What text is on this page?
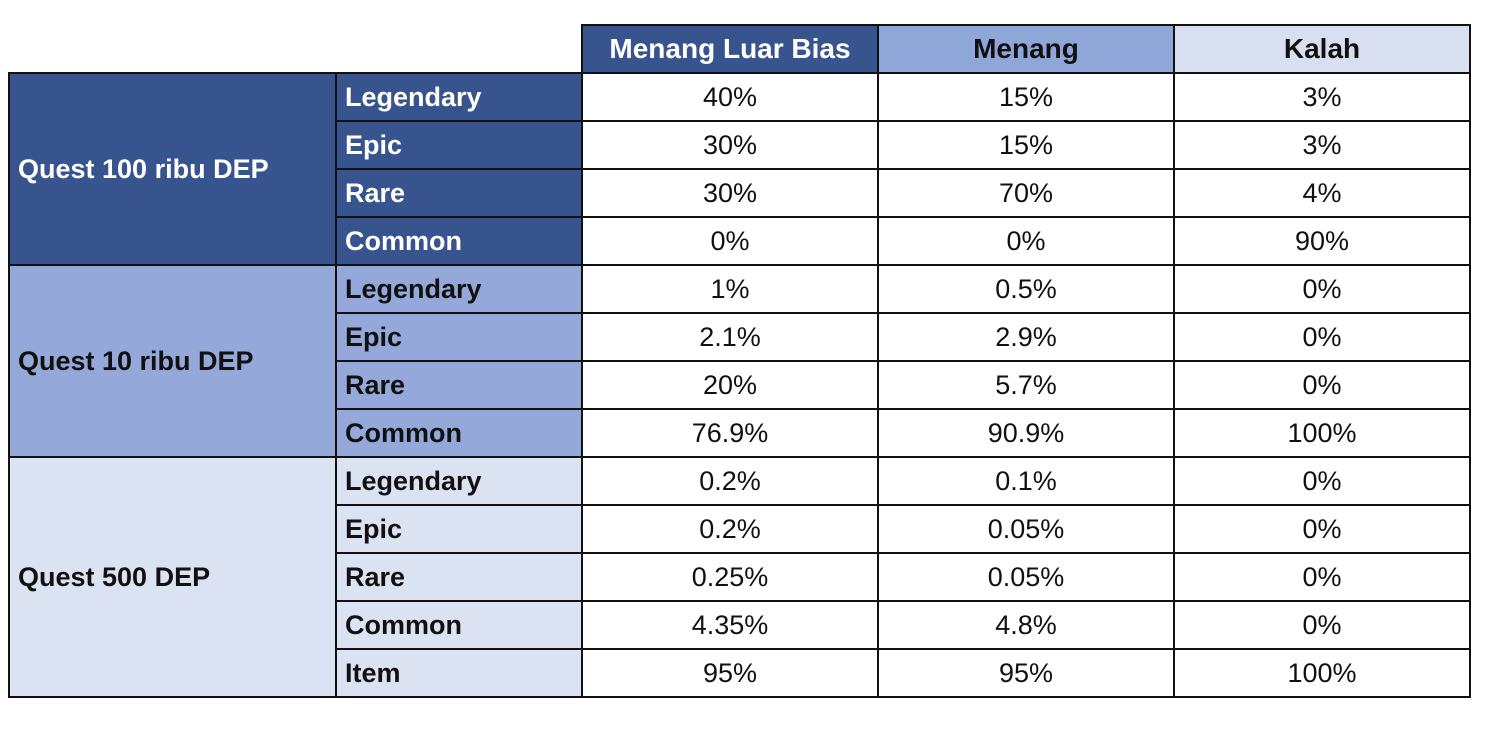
		Menang Luar Bias	Menang	Kalah
Quest 100 ribu DEP	Legendary	40%	15%	3%
	Epic	30%	15%	3%
	Rare	30%	70%	4%
	Common	0%	0%	90%
Quest 10 ribu DEP	Legendary	1%	0.5%	0%
	Epic	2.1%	2.9%	0%
	Rare	20%	5.7%	0%
	Common	76.9%	90.9%	100%
Quest 500 DEP	Legendary	0.2%	0.1%	0%
	Epic	0.2%	0.05%	0%
	Rare	0.25%	0.05%	0%
	Common	4.35%	4.8%	0%
	Item	95%	95%	100%
